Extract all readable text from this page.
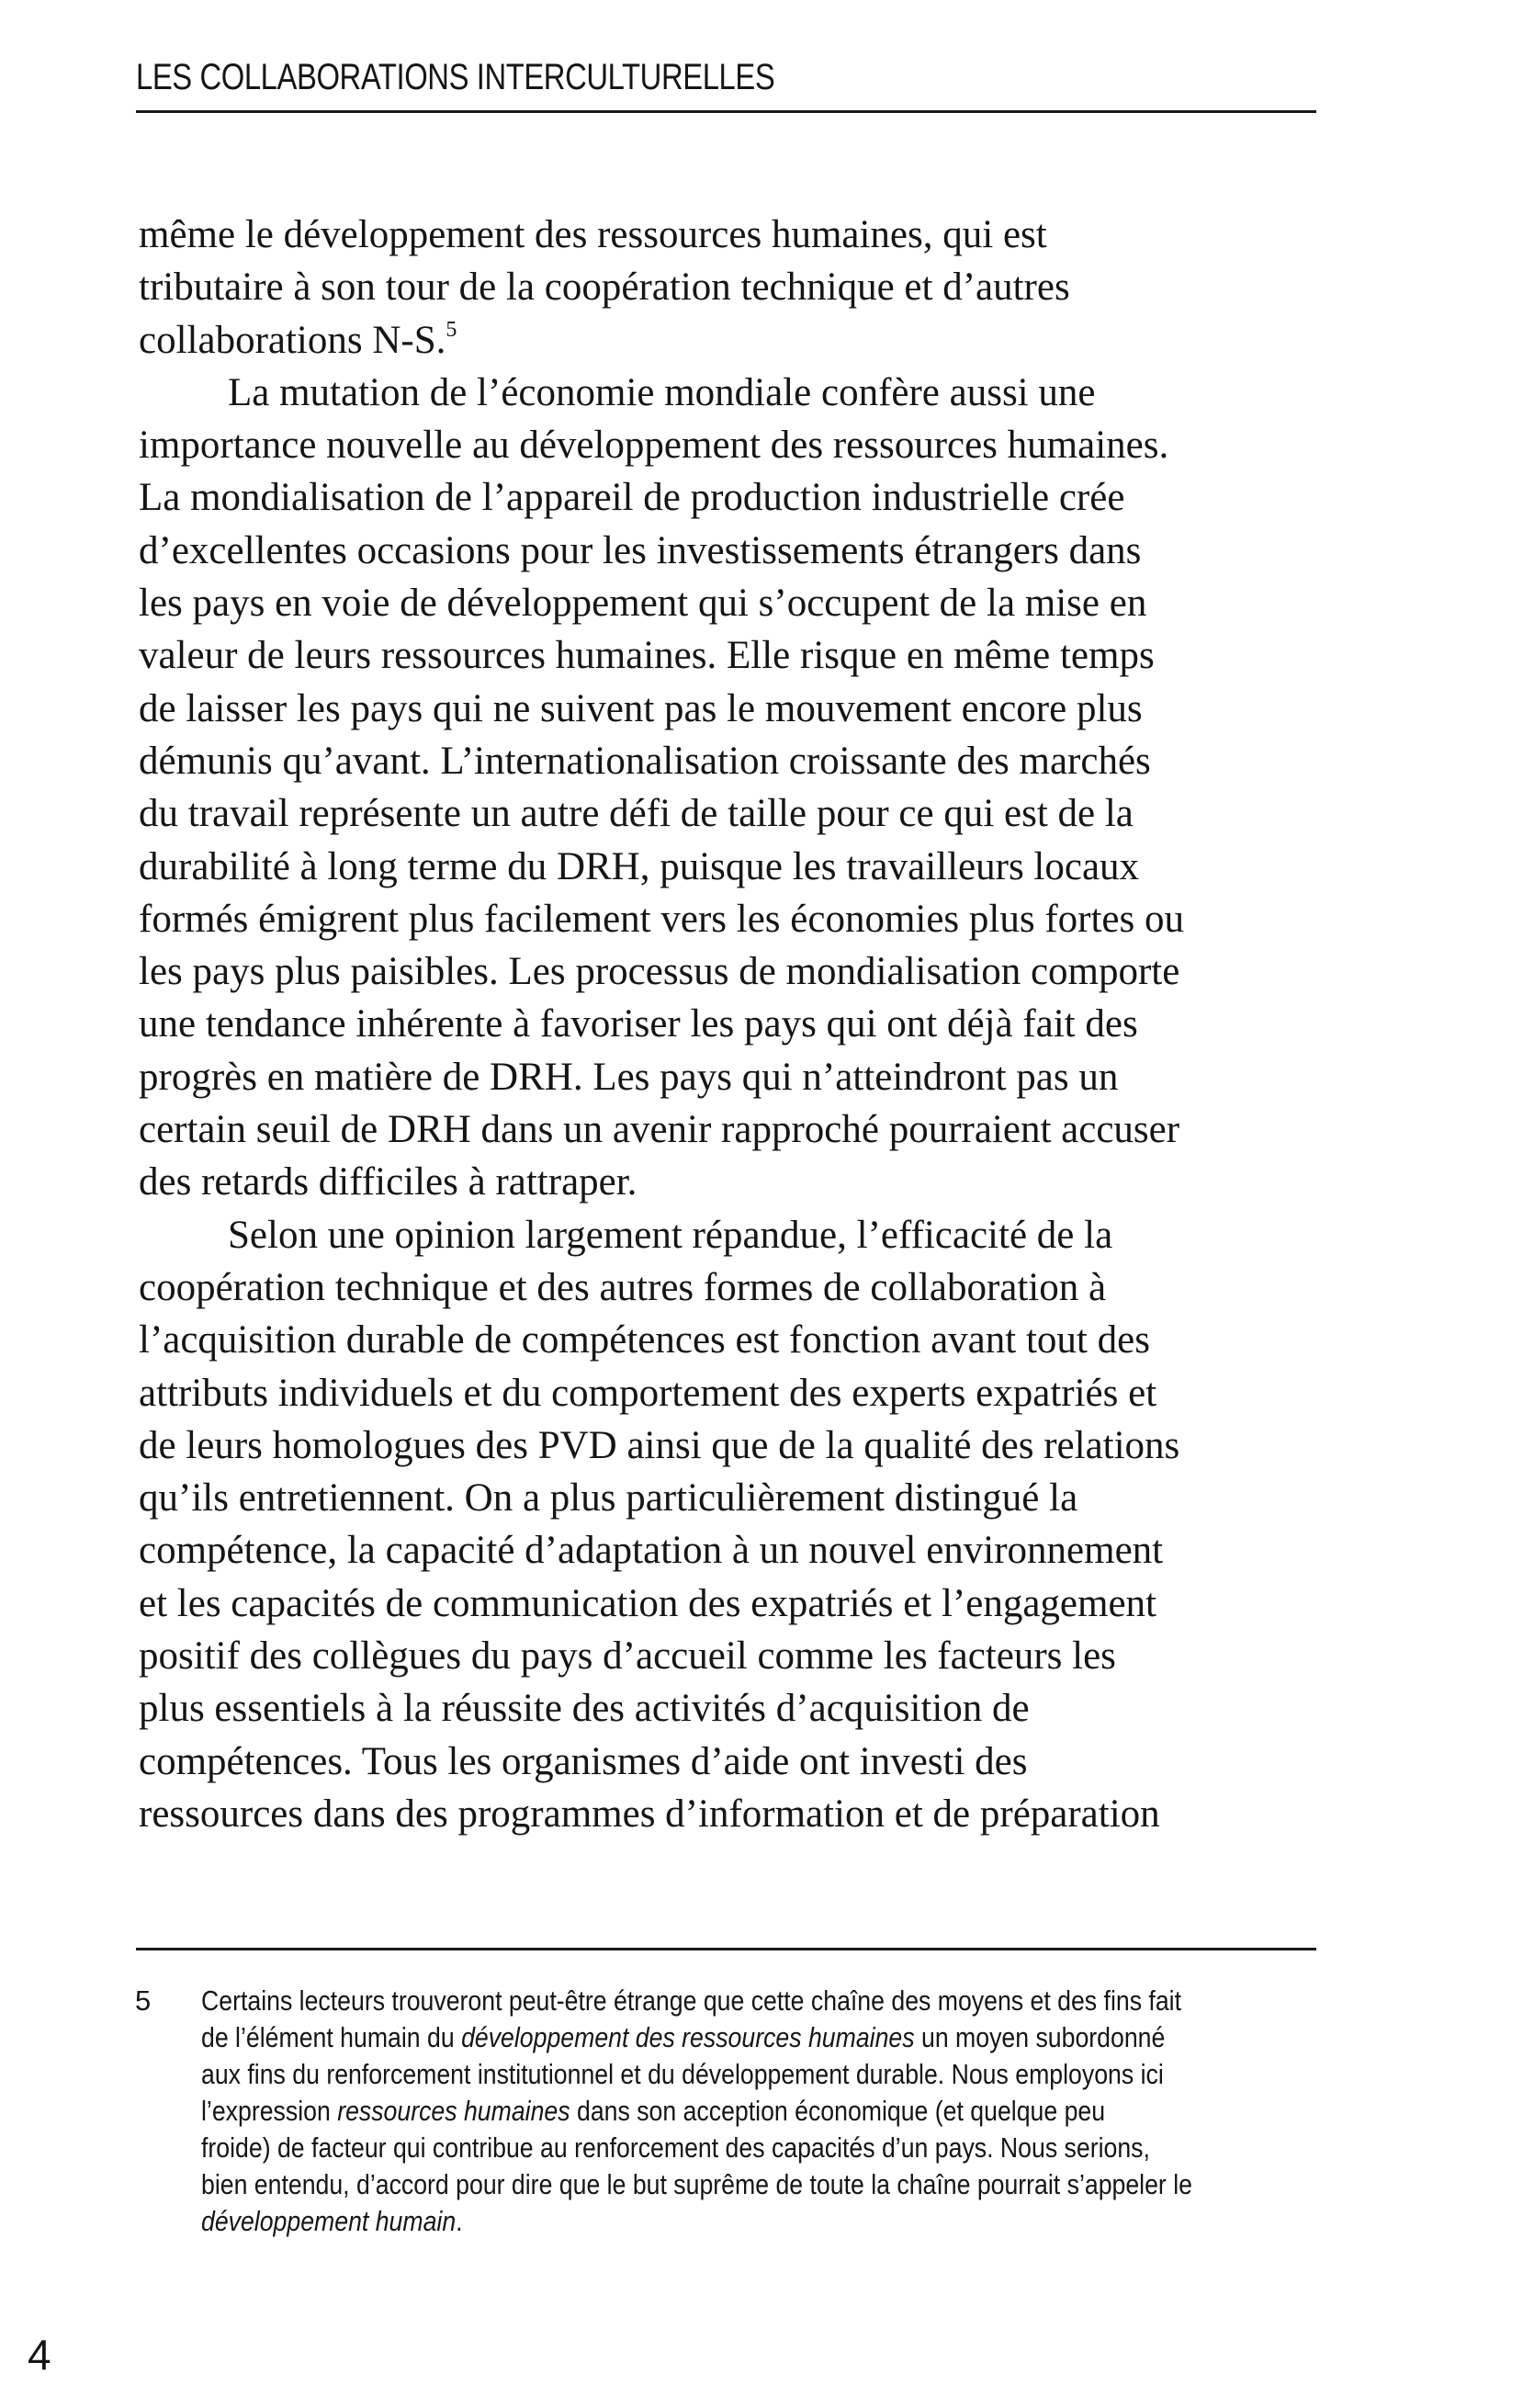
LES COLLABORATIONS INTERCULTURELLES
même le développement des ressources humaines, qui est
tributaire à son tour de la coopération technique et d’autres
collaborations N-S.$^5$
La mutation de l’économie mondiale confère aussi une
importance nouvelle au développement des ressources humaines.
La mondialisation de l’appareil de production industrielle crée
d’excellentes occasions pour les investissements étrangers dans
les pays en voie de développement qui s’occupent de la mise en
valeur de leurs ressources humaines. Elle risque en même temps
de laisser les pays qui ne suivent pas le mouvement encore plus
démunis qu’avant. L’internationalisation croissante des marchés
du travail représente un autre défi de taille pour ce qui est de la
durabilité à long terme du DRH, puisque les travailleurs locaux
formés émigrent plus facilement vers les économies plus fortes ou
les pays plus paisibles. Les processus de mondialisation comporte
une tendance inhérente à favoriser les pays qui ont déjà fait des
progrès en matière de DRH. Les pays qui n’atteindront pas un
certain seuil de DRH dans un avenir rapproché pourraient accuser
des retards difficiles à rattraper.
Selon une opinion largement répandue, l’efficacité de la
coopération technique et des autres formes de collaboration à
l’acquisition durable de compétences est fonction avant tout des
attributs individuels et du comportement des experts expatriés et
de leurs homologues des PVD ainsi que de la qualité des relations
qu’ils entretiennent. On a plus particulièrement distingué la
compétence, la capacité d’adaptation à un nouvel environnement
et les capacités de communication des expatriés et l’engagement
positif des collègues du pays d’accueil comme les facteurs les
plus essentiels à la réussite des activités d’acquisition de
compétences. Tous les organismes d’aide ont investi des
ressources dans des programmes d’information et de préparation
5 Certains lecteurs trouveront peut-être étrange que cette chaîne des moyens et des fins fait
de l’élément humain du développement des ressources humaines un moyen subordonné
aux fins du renforcement institutionnel et du développement durable. Nous employons ici
l’expression ressources humaines dans son acception économique (et quelque peu
froide) de facteur qui contribue au renforcement des capacités d’un pays. Nous serions,
bien entendu, d’accord pour dire que le but suprême de toute la chaîne pourrait s’appeler le
développement humain.
4
